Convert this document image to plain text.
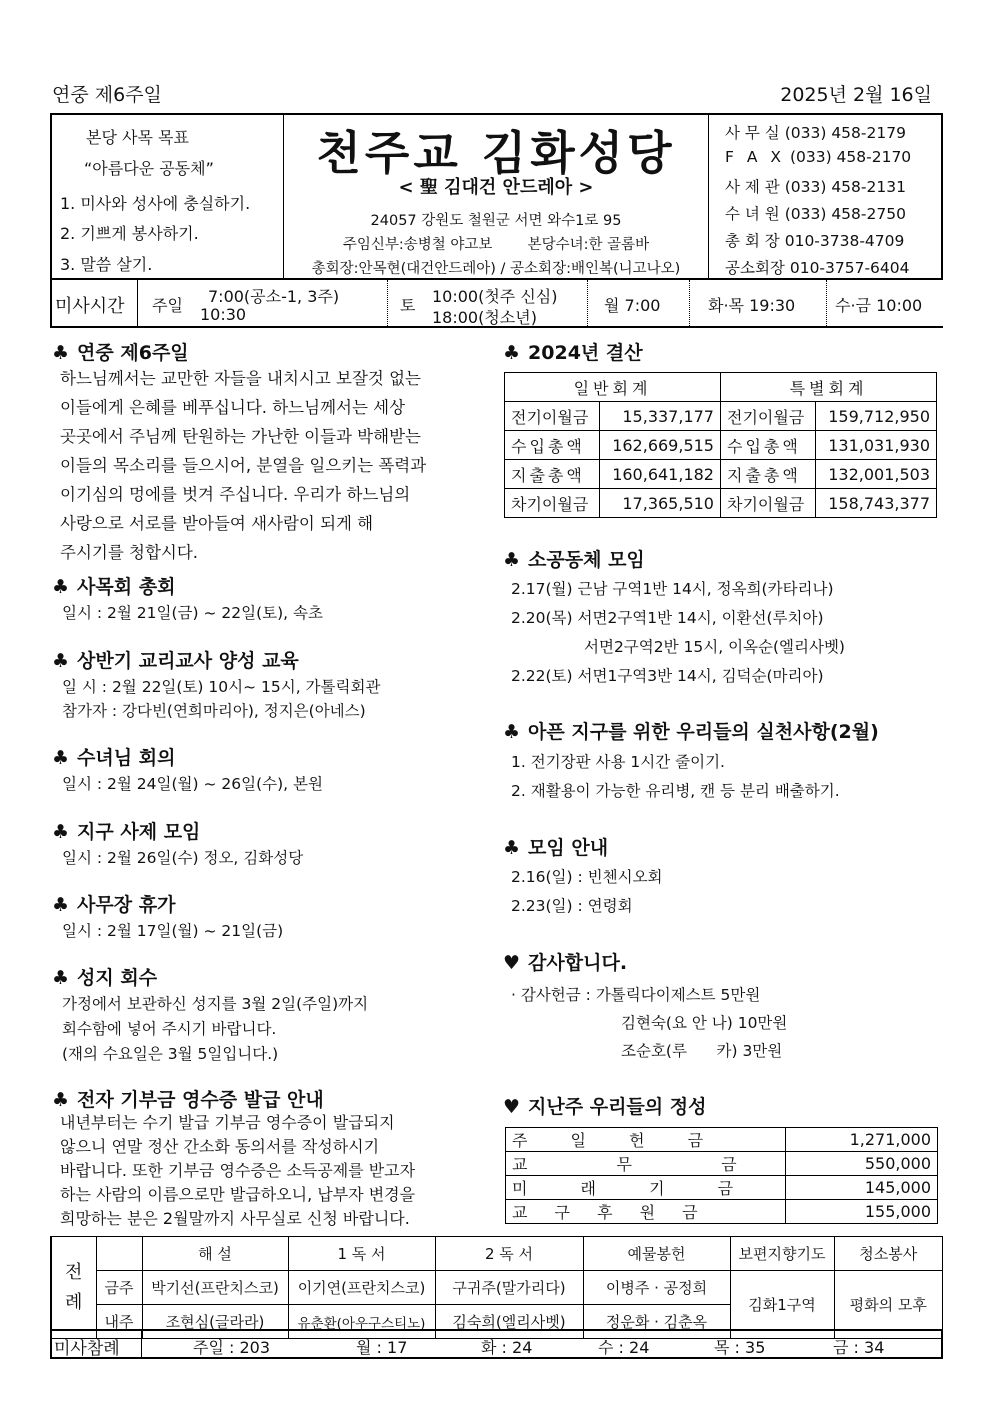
연중 제6주일	2025년 2월 16일
본당 사목 목표
“아름다운 공동체”
1. 미사와 성사에 충실하기.
2. 기쁘게 봉사하기.
3. 말씀 살기.
천주교 김화성당
< 聖 김대건 안드레아 >
24057 강원도 철원군 서면 와수1로 95
주임신부:송병철 야고보 본당수녀:한 골롬바
총회장:안목현(대건안드레아) / 공소회장:배인복(니고나오)
사 무 실 (033) 458-2179
F A X (033) 458-2170
사 제 관 (033) 458-2131
수 녀 원 (033) 458-2750
총 회 장 010-3738-4709
공소회장 010-3757-6404
미사시간 주일 7:00(공소-1, 3주)
10:30	토 10:00(첫주 신심)
18:00(청소년)
월 7:00	화·목 19:30 수·금 10:00
♣ 연중 제6주일
하느님께서는 교만한 자들을 내치시고 보잘것 없는
이들에게 은혜를 베푸십니다. 하느님께서는 세상
곳곳에서 주님께 탄원하는 가난한 이들과 박해받는
이들의 목소리를 들으시어, 분열을 일으키는 폭력과
이기심의 멍에를 벗겨 주십니다. 우리가 하느님의
사랑으로 서로를 받아들여 새사람이 되게 해
주시기를 청합시다.
♣ 사목회 총회
일시 : 2월 21일(금) ~ 22일(토), 속초
♣ 상반기 교리교사 양성 교육
일 시 : 2월 22일(토) 10시~ 15시, 가톨릭회관
참가자 : 강다빈(연희마리아), 정지은(아네스)
♣ 수녀님 회의
일시 : 2월 24일(월) ~ 26일(수), 본원
♣ 지구 사제 모임
일시 : 2월 26일(수) 정오, 김화성당
♣ 사무장 휴가
일시 : 2월 17일(월) ~ 21일(금)
♣ 성지 회수
가정에서 보관하신 성지를 3월 2일(주일)까지
회수함에 넣어 주시기 바랍니다.
(재의 수요일은 3월 5일입니다.)
♣ 전자 기부금 영수증 발급 안내
내년부터는 수기 발급 기부금 영수증이 발급되지
않으니 연말 정산 간소화 동의서를 작성하시기
바랍니다. 또한 기부금 영수증은 소득공제를 받고자
하는 사람의 이름으로만 발급하오니, 납부자 변경을
희망하는 분은 2월말까지 사무실로 신청 바랍니다.
♣ 2024년 결산
일반회계		특별회계	
전기이월금	15,337,177	전기이월금	159,712,950
수입총액	162,669,515	수입총액	131,031,930
지출총액	160,641,182	지출총액	132,001,503
차기이월금	17,365,510	차기이월금	158,743,377
♣ 소공동체 모임
2.17(월) 근남 구역1반 14시, 정옥희(카타리나)
2.20(목) 서면2구역1반 14시, 이환선(루치아)
서면2구역2반 15시, 이옥순(엘리사벳)
2.22(토) 서면1구역3반 14시, 김덕순(마리아)
♣ 아픈 지구를 위한 우리들의 실천사항(2월)
1. 전기장판 사용 1시간 줄이기.
2. 재활용이 가능한 유리병, 캔 등 분리 배출하기.
♣ 모임 안내
2.16(일) : 빈첸시오회
2.23(일) : 연령회
♥ 감사합니다.
· 감사헌금 : 가톨릭다이제스트 5만원
김현숙(요 안 나) 10만원
조순호(루      카) 3만원
♥ 지난주 우리들의 정성
주 일 헌 금	1,271,000
교 무 금	550,000
미 래 기 금	145,000
교 구 후 원 금	155,000
전례		해 설	1 독 서	2 독 서	예물봉헌	보편지향기도	청소봉사
	금주	박기선(프란치스코)	이기연(프란치스코)	구귀주(말가리다)	이병주 · 공정희	김화1구역	평화의 모후
	내주	조현심(글라라)	유춘환(아우구스티노)	김숙희(엘리사벳)	정운화 · 김춘옥		
미사참례	주일 : 203	월 : 17	화 : 24	수 : 24	목 : 35	금 : 34
